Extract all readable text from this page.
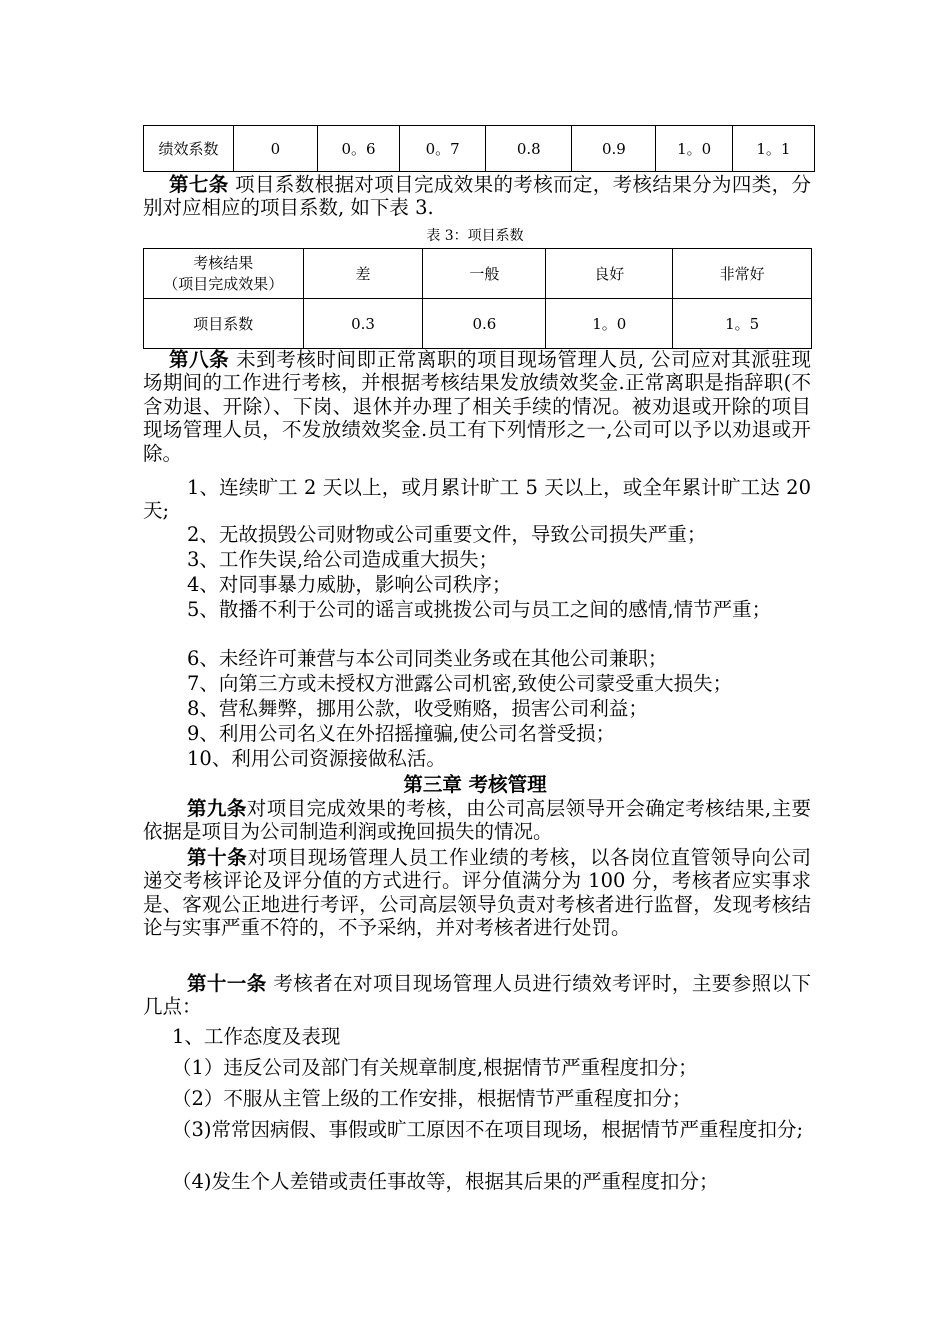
绩效系数	0	0。6	0。7	0.8	0.9	1。0	1。1

第七条 项目系数根据对项目完成效果的考核而定，考核结果分为四类，分别对应相应的项目系数, 如下表 3.

表 3：项目系数
考核结果
（项目完成效果）	差	一般	良好	非常好
项目系数	0.3	0.6	1。0	1。5

第八条 未到考核时间即正常离职的项目现场管理人员, 公司应对其派驻现场期间的工作进行考核，并根据考核结果发放绩效奖金.正常离职是指辞职(不含劝退、开除）、下岗、退休并办理了相关手续的情况。被劝退或开除的项目现场管理人员，不发放绩效奖金.员工有下列情形之一,公司可以予以劝退或开除。

1、连续旷工 2 天以上，或月累计旷工 5 天以上，或全年累计旷工达 20 天;

2、无故损毁公司财物或公司重要文件，导致公司损失严重；

3、工作失误,给公司造成重大损失；

4、对同事暴力威胁，影响公司秩序；

5、散播不利于公司的谣言或挑拨公司与员工之间的感情,情节严重；

6、未经许可兼营与本公司同类业务或在其他公司兼职；

7、向第三方或未授权方泄露公司机密,致使公司蒙受重大损失；

8、营私舞弊，挪用公款，收受贿赂，损害公司利益；

9、利用公司名义在外招摇撞骗,使公司名誉受损；

10、利用公司资源接做私活。

第三章 考核管理

第九条对项目完成效果的考核，由公司高层领导开会确定考核结果,主要依据是项目为公司制造利润或挽回损失的情况。

第十条对项目现场管理人员工作业绩的考核，以各岗位直管领导向公司递交考核评论及评分值的方式进行。评分值满分为 100 分，考核者应实事求是、客观公正地进行考评，公司高层领导负责对考核者进行监督，发现考核结论与实事严重不符的，不予采纳，并对考核者进行处罚。

第十一条 考核者在对项目现场管理人员进行绩效考评时，主要参照以下几点：

1、工作态度及表现

（1）违反公司及部门有关规章制度,根据情节严重程度扣分；

（2）不服从主管上级的工作安排，根据情节严重程度扣分；

（3)常常因病假、事假或旷工原因不在项目现场，根据情节严重程度扣分;

（4)发生个人差错或责任事故等，根据其后果的严重程度扣分；
